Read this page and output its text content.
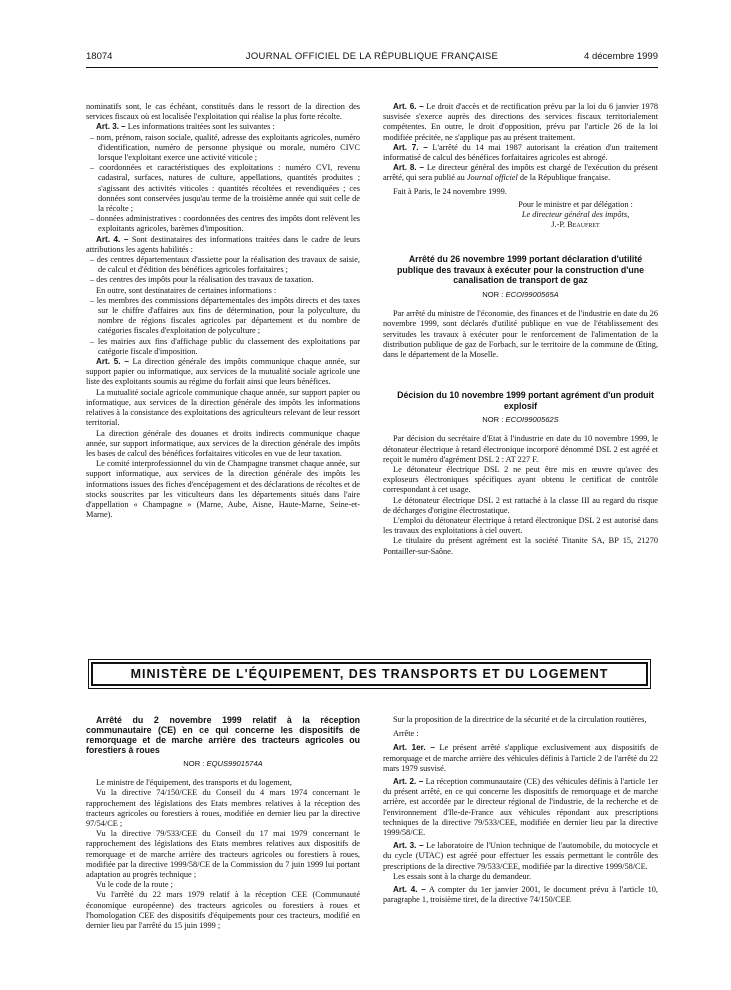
18074	JOURNAL OFFICIEL DE LA RÉPUBLIQUE FRANÇAISE	4 décembre 1999

nominatifs sont, le cas échéant, constitués dans le ressort de la direction des services fiscaux où est localisée l'exploitation qui réalise la plus forte récolte.

Art. 3. – Les informations traitées sont les suivantes :

– nom, prénom, raison sociale, qualité, adresse des exploitants agricoles, numéro d'identification, numéro de personne physique ou morale, numéro CIVC lorsque l'exploitant exerce une activité viticole ;
– coordonnées et caractéristiques des exploitations : numéro CVI, revenu cadastral, surfaces, natures de culture, appellations, quantités produites ; s'agissant des activités viticoles : quantités récoltées et revendiquées ; ces données sont conservées jusqu'au terme de la troisième année qui suit celle de la récolte ;
– données administratives : coordonnées des centres des impôts dont relèvent les exploitants agricoles, barèmes d'imposition.

Art. 4. – Sont destinataires des informations traitées dans le cadre de leurs attributions les agents habilités :

– des centres départementaux d'assiette pour la réalisation des travaux de saisie, de calcul et d'édition des bénéfices agricoles forfaitaires ;
– des centres des impôts pour la réalisation des travaux de taxation.

En outre, sont destinataires de certaines informations :

– les membres des commissions départementales des impôts directs et des taxes sur le chiffre d'affaires aux fins de détermination, pour la polyculture, du nombre de régions fiscales agricoles par département et du nombre de catégories fiscales d'exploitation de polyculture ;
– les mairies aux fins d'affichage public du classement des exploitations par catégorie fiscale d'imposition.

Art. 5. – La direction générale des impôts communique chaque année, sur support papier ou informatique, aux services de la mutualité sociale agricole une liste des exploitants soumis au régime du forfait ainsi que leurs bénéfices.

La mutualité sociale agricole communique chaque année, sur support papier ou informatique, aux services de la direction générale des impôts les informations relatives à la consistance des exploitations des agriculteurs relevant de leur ressort territorial.

La direction générale des douanes et droits indirects communique chaque année, sur support informatique, aux services de la direction générale des impôts les bases de calcul des bénéfices forfaitaires viticoles en vue de leur taxation.

Le comité interprofessionnel du vin de Champagne transmet chaque année, sur support informatique, aux services de la direction générale des impôts les informations issues des fiches d'encépagement et des déclarations de récoltes et de stocks souscrites par les viticulteurs dans les départements situés dans l'aire d'appellation « Champagne » (Marne, Aube, Aisne, Haute-Marne, Seine-et-Marne).

Art. 6. – Le droit d'accès et de rectification prévu par la loi du 6 janvier 1978 susvisée s'exerce auprès des directions des services fiscaux territorialement compétentes. En outre, le droit d'opposition, prévu par l'article 26 de la loi modifiée précitée, ne s'applique pas au présent traitement.

Art. 7. – L'arrêté du 14 mai 1987 autorisant la création d'un traitement informatisé de calcul des bénéfices forfaitaires agricoles est abrogé.

Art. 8. – Le directeur général des impôts est chargé de l'exécution du présent arrêté, qui sera publié au Journal officiel de la République française.

Fait à Paris, le 24 novembre 1999.

Pour le ministre et par délégation :
Le directeur général des impôts,
J.-P. Beaufret

Arrêté du 26 novembre 1999 portant déclaration d'utilité publique des travaux à exécuter pour la construction d'une canalisation de transport de gaz

NOR : ECOI9900565A

Par arrêté du ministre de l'économie, des finances et de l'industrie en date du 26 novembre 1999, sont déclarés d'utilité publique en vue de l'établissement des servitudes les travaux à exécuter pour le renforcement de l'alimentation de la distribution publique de gaz de Forbach, sur le territoire de la commune de Œting, dans le département de la Moselle.

Décision du 10 novembre 1999 portant agrément d'un produit explosif

NOR : ECOI9900562S

Par décision du secrétaire d'Etat à l'industrie en date du 10 novembre 1999, le détonateur électrique à retard électronique incorporé dénommé DSL 2 est agréé et reçoit le numéro d'agrément DSL 2 : AT 227 F.

Le détonateur électrique DSL 2 ne peut être mis en œuvre qu'avec des exploseurs électroniques spécifiques ayant obtenu le certificat de contrôle correspondant à cet usage.

Le détonateur électrique DSL 2 est rattaché à la classe III au regard du risque de décharges d'origine électrostatique.

L'emploi du détonateur électrique à retard électronique DSL 2 est autorisé dans les travaux des exploitations à ciel ouvert.

Le titulaire du présent agrément est la société Titanite SA, BP 15, 21270 Pontailler-sur-Saône.

MINISTÈRE DE L'ÉQUIPEMENT, DES TRANSPORTS ET DU LOGEMENT

Arrêté du 2 novembre 1999 relatif à la réception communautaire (CE) en ce qui concerne les dispositifs de remorquage et de marche arrière des tracteurs agricoles ou forestiers à roues

NOR : EQUS9901574A

Le ministre de l'équipement, des transports et du logement,

Vu la directive 74/150/CEE du Conseil du 4 mars 1974 concernant le rapprochement des législations des Etats membres relatives à la réception des tracteurs agricoles ou forestiers à roues, modifiée en dernier lieu par la directive 97/54/CE ;

Vu la directive 79/533/CEE du Conseil du 17 mai 1979 concernant le rapprochement des législations des Etats membres relatives aux dispositifs de remorquage et de marche arrière des tracteurs agricoles ou forestiers à roues, modifiée par la directive 1999/58/CE de la Commission du 7 juin 1999 lui portant adaptation au progrès technique ;

Vu le code de la route ;

Vu l'arrêté du 22 mars 1979 relatif à la réception CEE (Communauté économique européenne) des tracteurs agricoles ou forestiers à roues et l'homologation CEE des dispositifs d'équipements pour ces tracteurs, modifié en dernier lieu par l'arrêté du 15 juin 1999 ;

Sur la proposition de la directrice de la sécurité et de la circulation routières,

Arrête :

Art. 1er. – Le présent arrêté s'applique exclusivement aux dispositifs de remorquage et de marche arrière des véhicules définis à l'article 2 de l'arrêté du 22 mars 1979 susvisé.

Art. 2. – La réception communautaire (CE) des véhicules définis à l'article 1er du présent arrêté, en ce qui concerne les dispositifs de remorquage et de marche arrière, est accordée par le directeur régional de l'industrie, de la recherche et de l'environnement d'Ile-de-France aux véhicules répondant aux prescriptions techniques de la directive 79/533/CEE, modifiée en dernier lieu par la directive 1999/58/CE.

Art. 3. – Le laboratoire de l'Union technique de l'automobile, du motocycle et du cycle (UTAC) est agréé pour effectuer les essais permettant le contrôle des prescriptions de la directive 79/533/CEE, modifiée par la directive 1999/58/CE.

Les essais sont à la charge du demandeur.

Art. 4. – A compter du 1er janvier 2001, le document prévu à l'article 10, paragraphe 1, troisième tiret, de la directive 74/150/CEE
